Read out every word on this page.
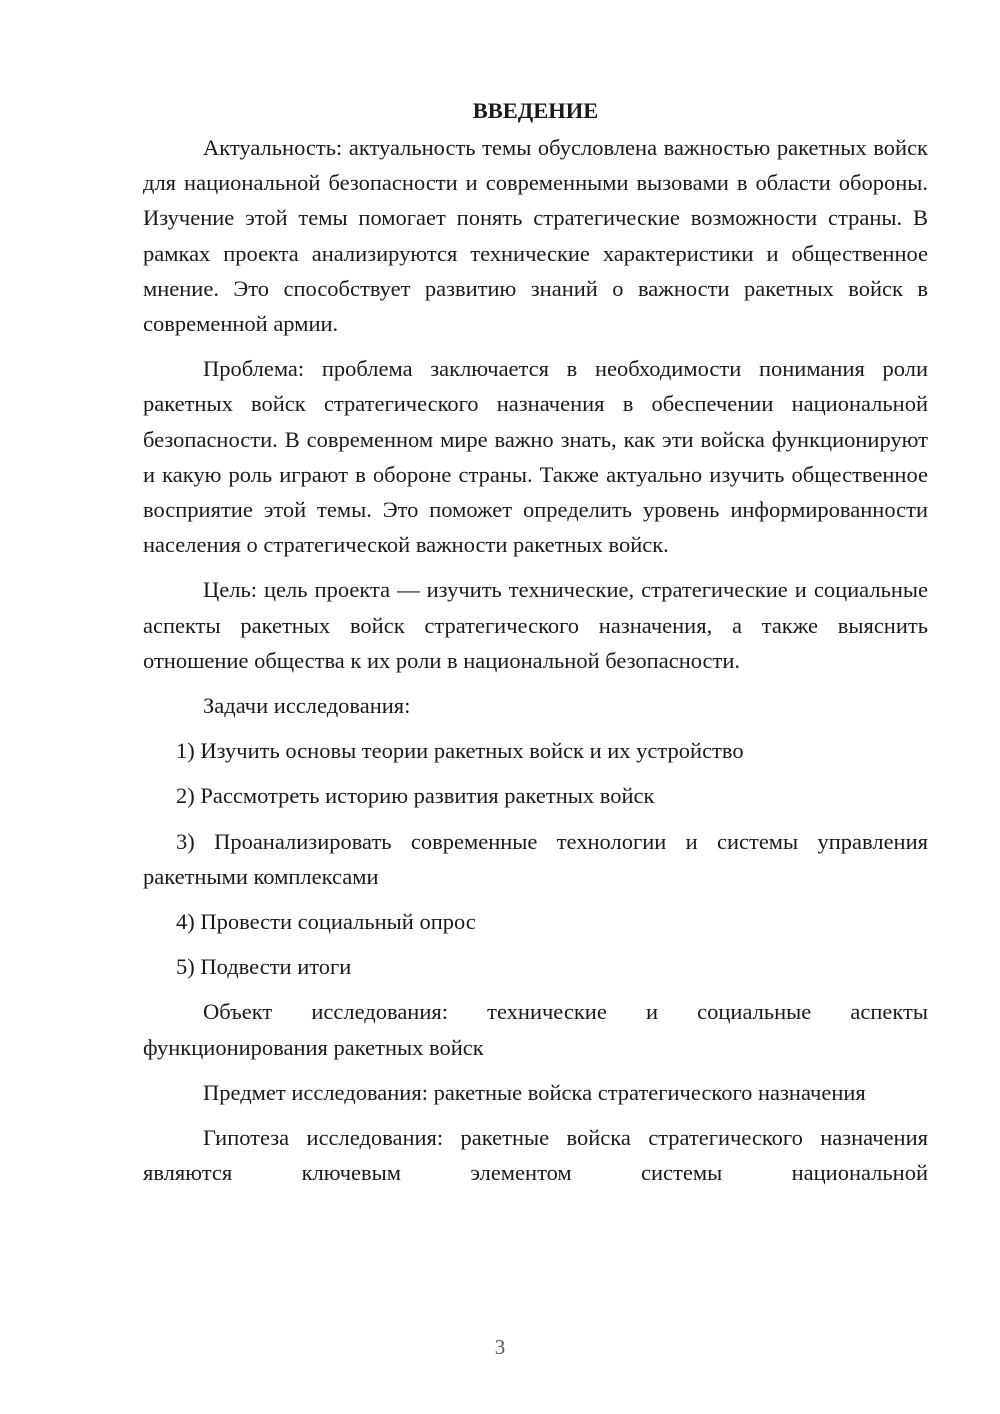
ВВЕДЕНИЕ

Актуальность: актуальность темы обусловлена важностью ракетных войск для национальной безопасности и современными вызовами в области обороны. Изучение этой темы помогает понять стратегические возможности страны. В рамках проекта анализируются технические характеристики и общественное мнение. Это способствует развитию знаний о важности ракетных войск в современной армии.

Проблема: проблема заключается в необходимости понимания роли ракетных войск стратегического назначения в обеспечении национальной безопасности. В современном мире важно знать, как эти войска функционируют и какую роль играют в обороне страны. Также актуально изучить общественное восприятие этой темы. Это поможет определить уровень информированности населения о стратегической важности ракетных войск.

Цель: цель проекта — изучить технические, стратегические и социальные аспекты ракетных войск стратегического назначения, а также выяснить отношение общества к их роли в национальной безопасности.

Задачи исследования:

1) Изучить основы теории ракетных войск и их устройство

2) Рассмотреть историю развития ракетных войск

3) Проанализировать современные технологии и системы управления ракетными комплексами

4) Провести социальный опрос

5) Подвести итоги

Объект исследования: технические и социальные аспекты функционирования ракетных войск

Предмет исследования: ракетные войска стратегического назначения

Гипотеза исследования: ракетные войска стратегического назначения являются ключевым элементом системы национальной

3
